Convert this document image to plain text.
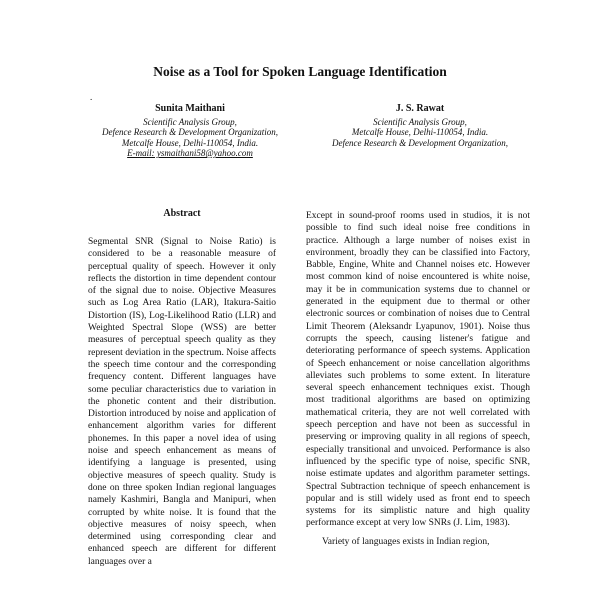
Noise as a Tool for Spoken Language Identification
.
Sunita Maithani
Scientific Analysis Group,
Defence Research & Development Organization,
Metcalfe House, Delhi-110054, India.
E-mail: ysmaithani58@yahoo.com
J. S. Rawat
Scientific Analysis Group,
Metcalfe House, Delhi-110054, India.
Defence Research & Development Organization,
Abstract

Segmental SNR (Signal to Noise Ratio) is considered to be a reasonable measure of perceptual quality of speech. However it only reflects the distortion in time dependent contour of the signal due to noise. Objective Measures such as Log Area Ratio (LAR), Itakura-Saitio Distortion (IS), Log-Likelihood Ratio (LLR) and Weighted Spectral Slope (WSS) are better measures of perceptual speech quality as they represent deviation in the spectrum. Noise affects the speech time contour and the corresponding frequency content. Different languages have some peculiar characteristics due to variation in the phonetic content and their distribution. Distortion introduced by noise and application of enhancement algorithm varies for different phonemes. In this paper a novel idea of using noise and speech enhancement as means of identifying a language is presented, using objective measures of speech quality. Study is done on three spoken Indian regional languages namely Kashmiri, Bangla and Manipuri, when corrupted by white noise. It is found that the objective measures of noisy speech, when determined using corresponding clear and enhanced speech are different for different languages over a

Except in sound-proof rooms used in studios, it is not possible to find such ideal noise free conditions in practice. Although a large number of noises exist in environment, broadly they can be classified into Factory, Babble, Engine, White and Channel noises etc. However most common kind of noise encountered is white noise, may it be in communication systems due to channel or generated in the equipment due to thermal or other electronic sources or combination of noises due to Central Limit Theorem (Aleksandr Lyapunov, 1901). Noise thus corrupts the speech, causing listener's fatigue and deteriorating performance of speech systems. Application of Speech enhancement or noise cancellation algorithms alleviates such problems to some extent. In literature several speech enhancement techniques exist. Though most traditional algorithms are based on optimizing mathematical criteria, they are not well correlated with speech perception and have not been as successful in preserving or improving quality in all regions of speech, especially transitional and unvoiced. Performance is also influenced by the specific type of noise, specific SNR, noise estimate updates and algorithm parameter settings. Spectral Subtraction technique of speech enhancement is popular and is still widely used as front end to speech systems for its simplistic nature and high quality performance except at very low SNRs (J. Lim, 1983).

Variety of languages exists in Indian region,
